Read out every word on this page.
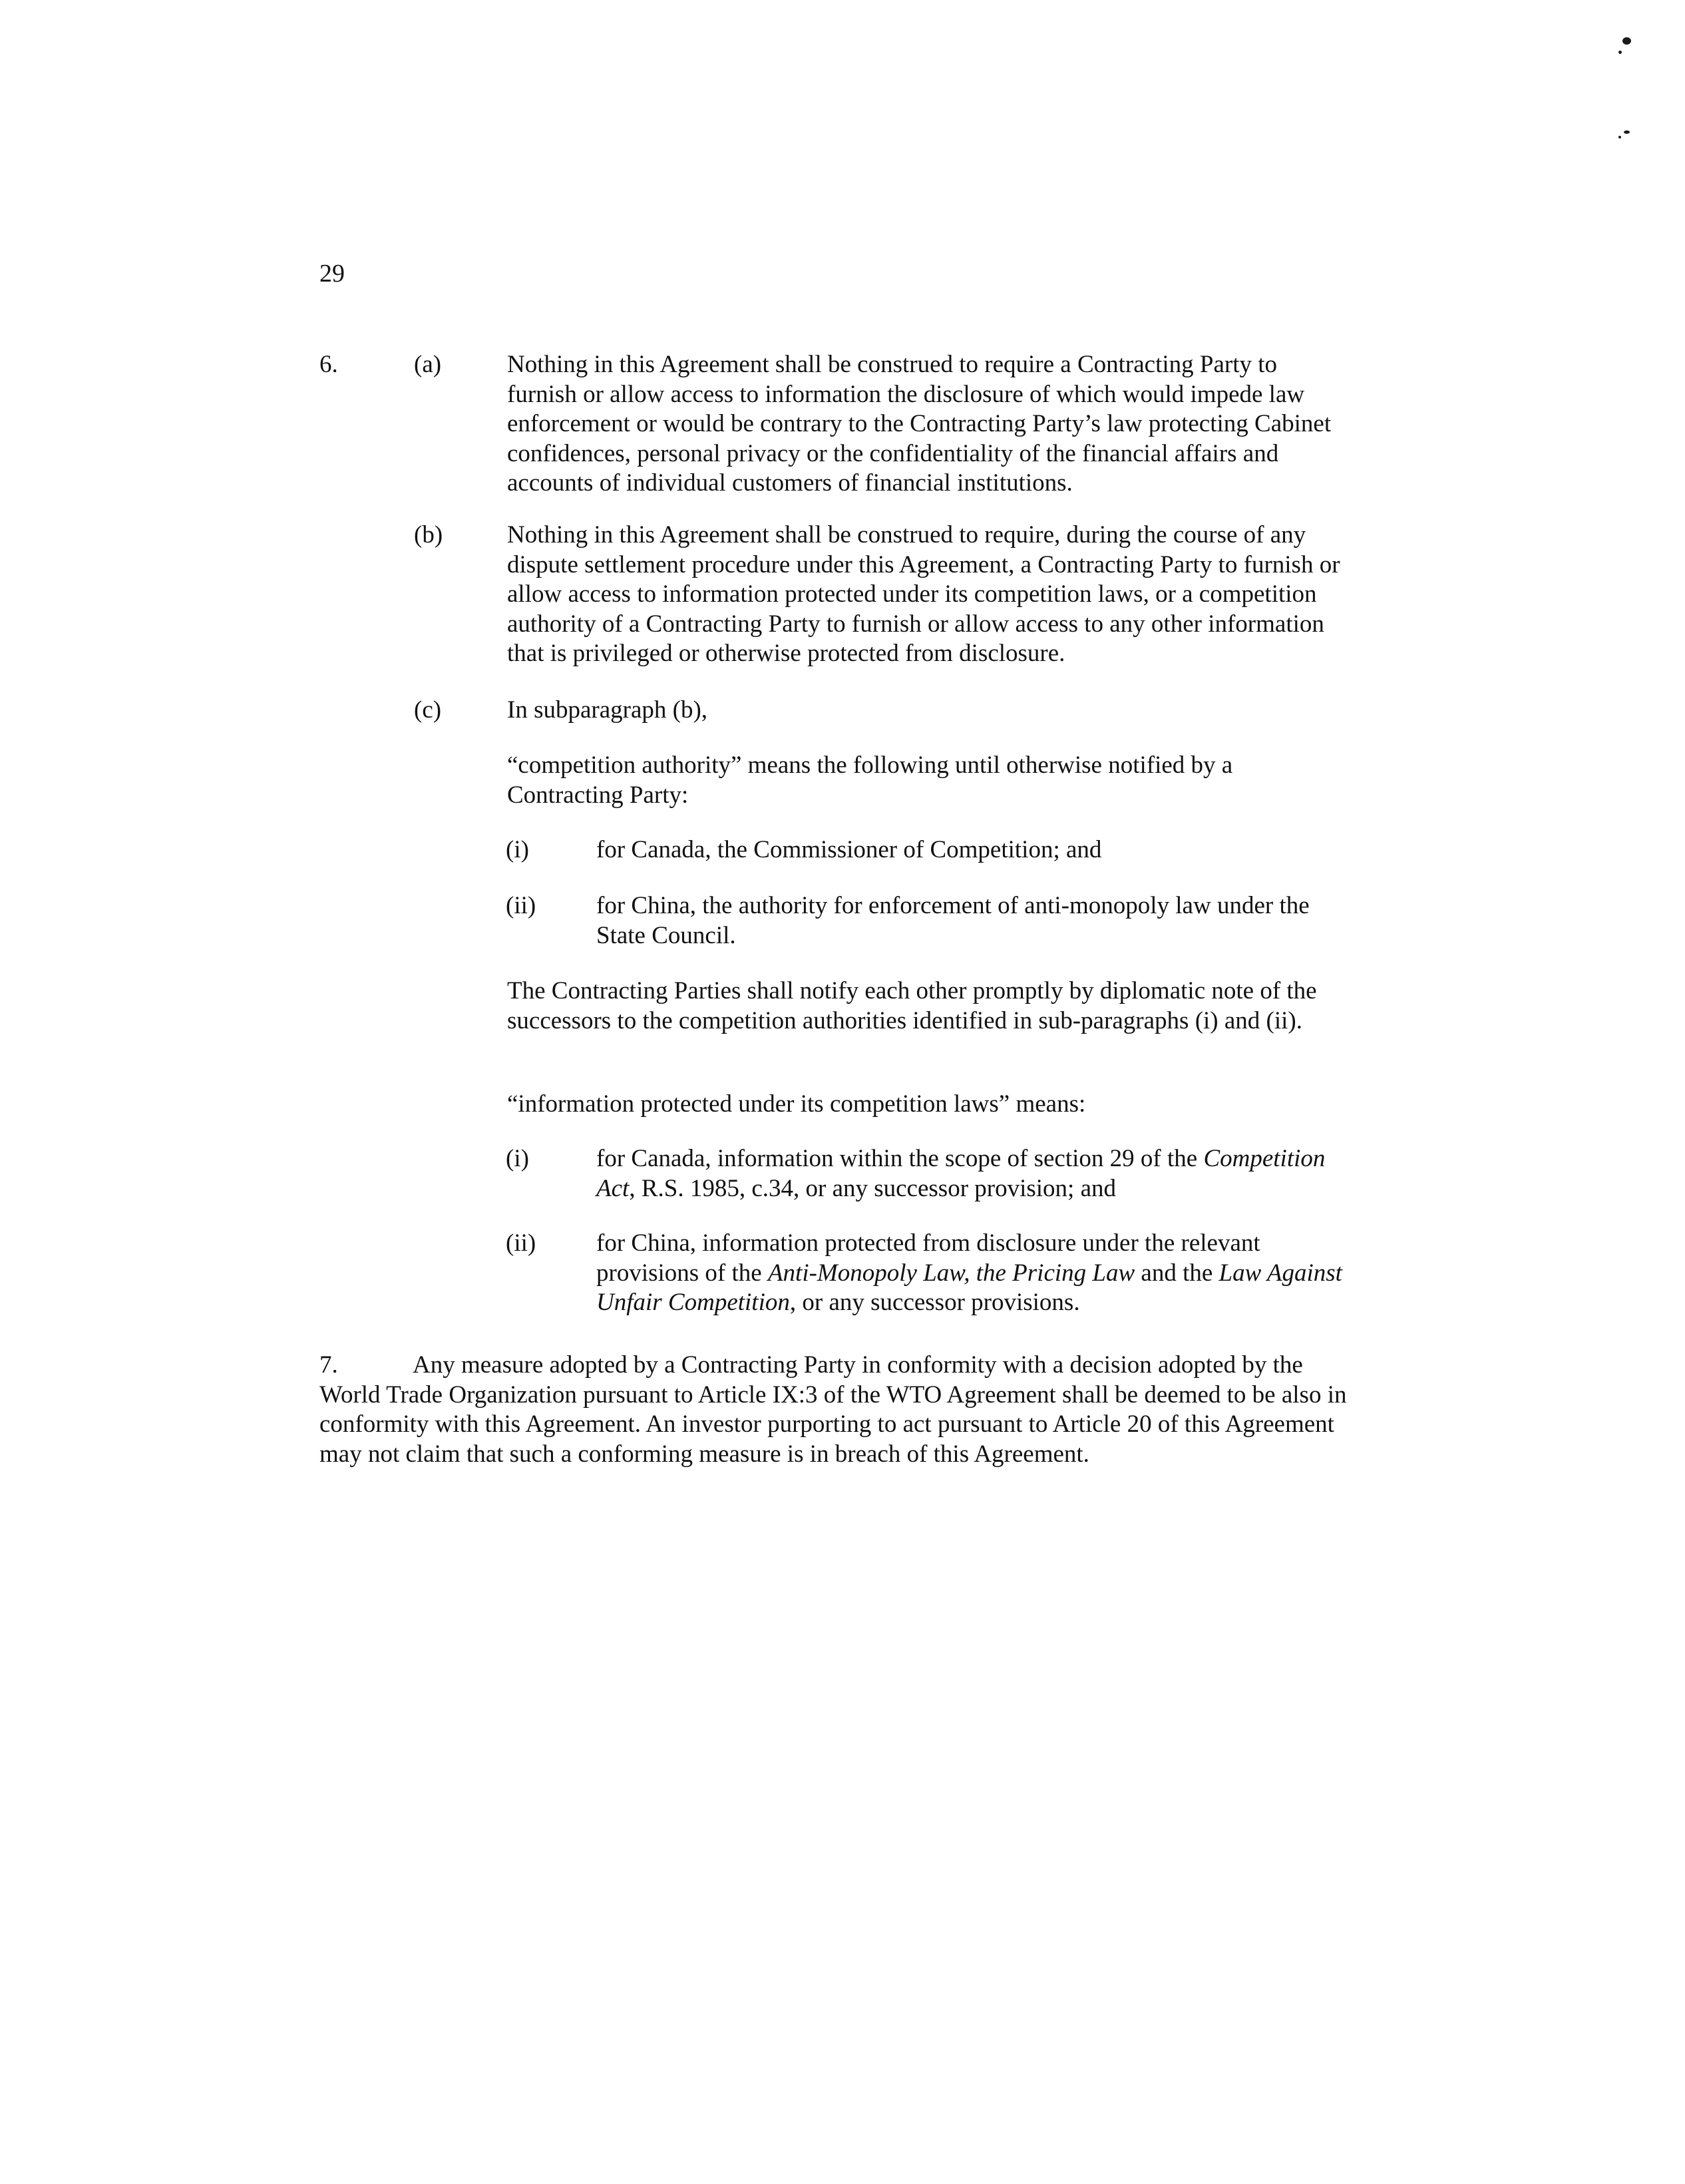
29
6.	(a)	Nothing in this Agreement shall be construed to require a Contracting Party to furnish or allow access to information the disclosure of which would impede law enforcement or would be contrary to the Contracting Party’s law protecting Cabinet confidences, personal privacy or the confidentiality of the financial affairs and accounts of individual customers of financial institutions.
(b)	Nothing in this Agreement shall be construed to require, during the course of any dispute settlement procedure under this Agreement, a Contracting Party to furnish or allow access to information protected under its competition laws, or a competition authority of a Contracting Party to furnish or allow access to any other information that is privileged or otherwise protected from disclosure.
(c)	In subparagraph (b),
“competition authority” means the following until otherwise notified by a Contracting Party:
(i)	for Canada, the Commissioner of Competition; and
(ii) for China, the authority for enforcement of anti-monopoly law under the State Council.
The Contracting Parties shall notify each other promptly by diplomatic note of the successors to the competition authorities identified in sub-paragraphs (i) and (ii).
“information protected under its competition laws” means:
(i)	for Canada, information within the scope of section 29 of the Competition Act, R.S. 1985, c.34, or any successor provision; and
(ii) for China, information protected from disclosure under the relevant provisions of the Anti-Monopoly Law, the Pricing Law and the Law Against Unfair Competition, or any successor provisions.
7.	Any measure adopted by a Contracting Party in conformity with a decision adopted by the World Trade Organization pursuant to Article IX:3 of the WTO Agreement shall be deemed to be also in conformity with this Agreement. An investor purporting to act pursuant to Article 20 of this Agreement may not claim that such a conforming measure is in breach of this Agreement.
